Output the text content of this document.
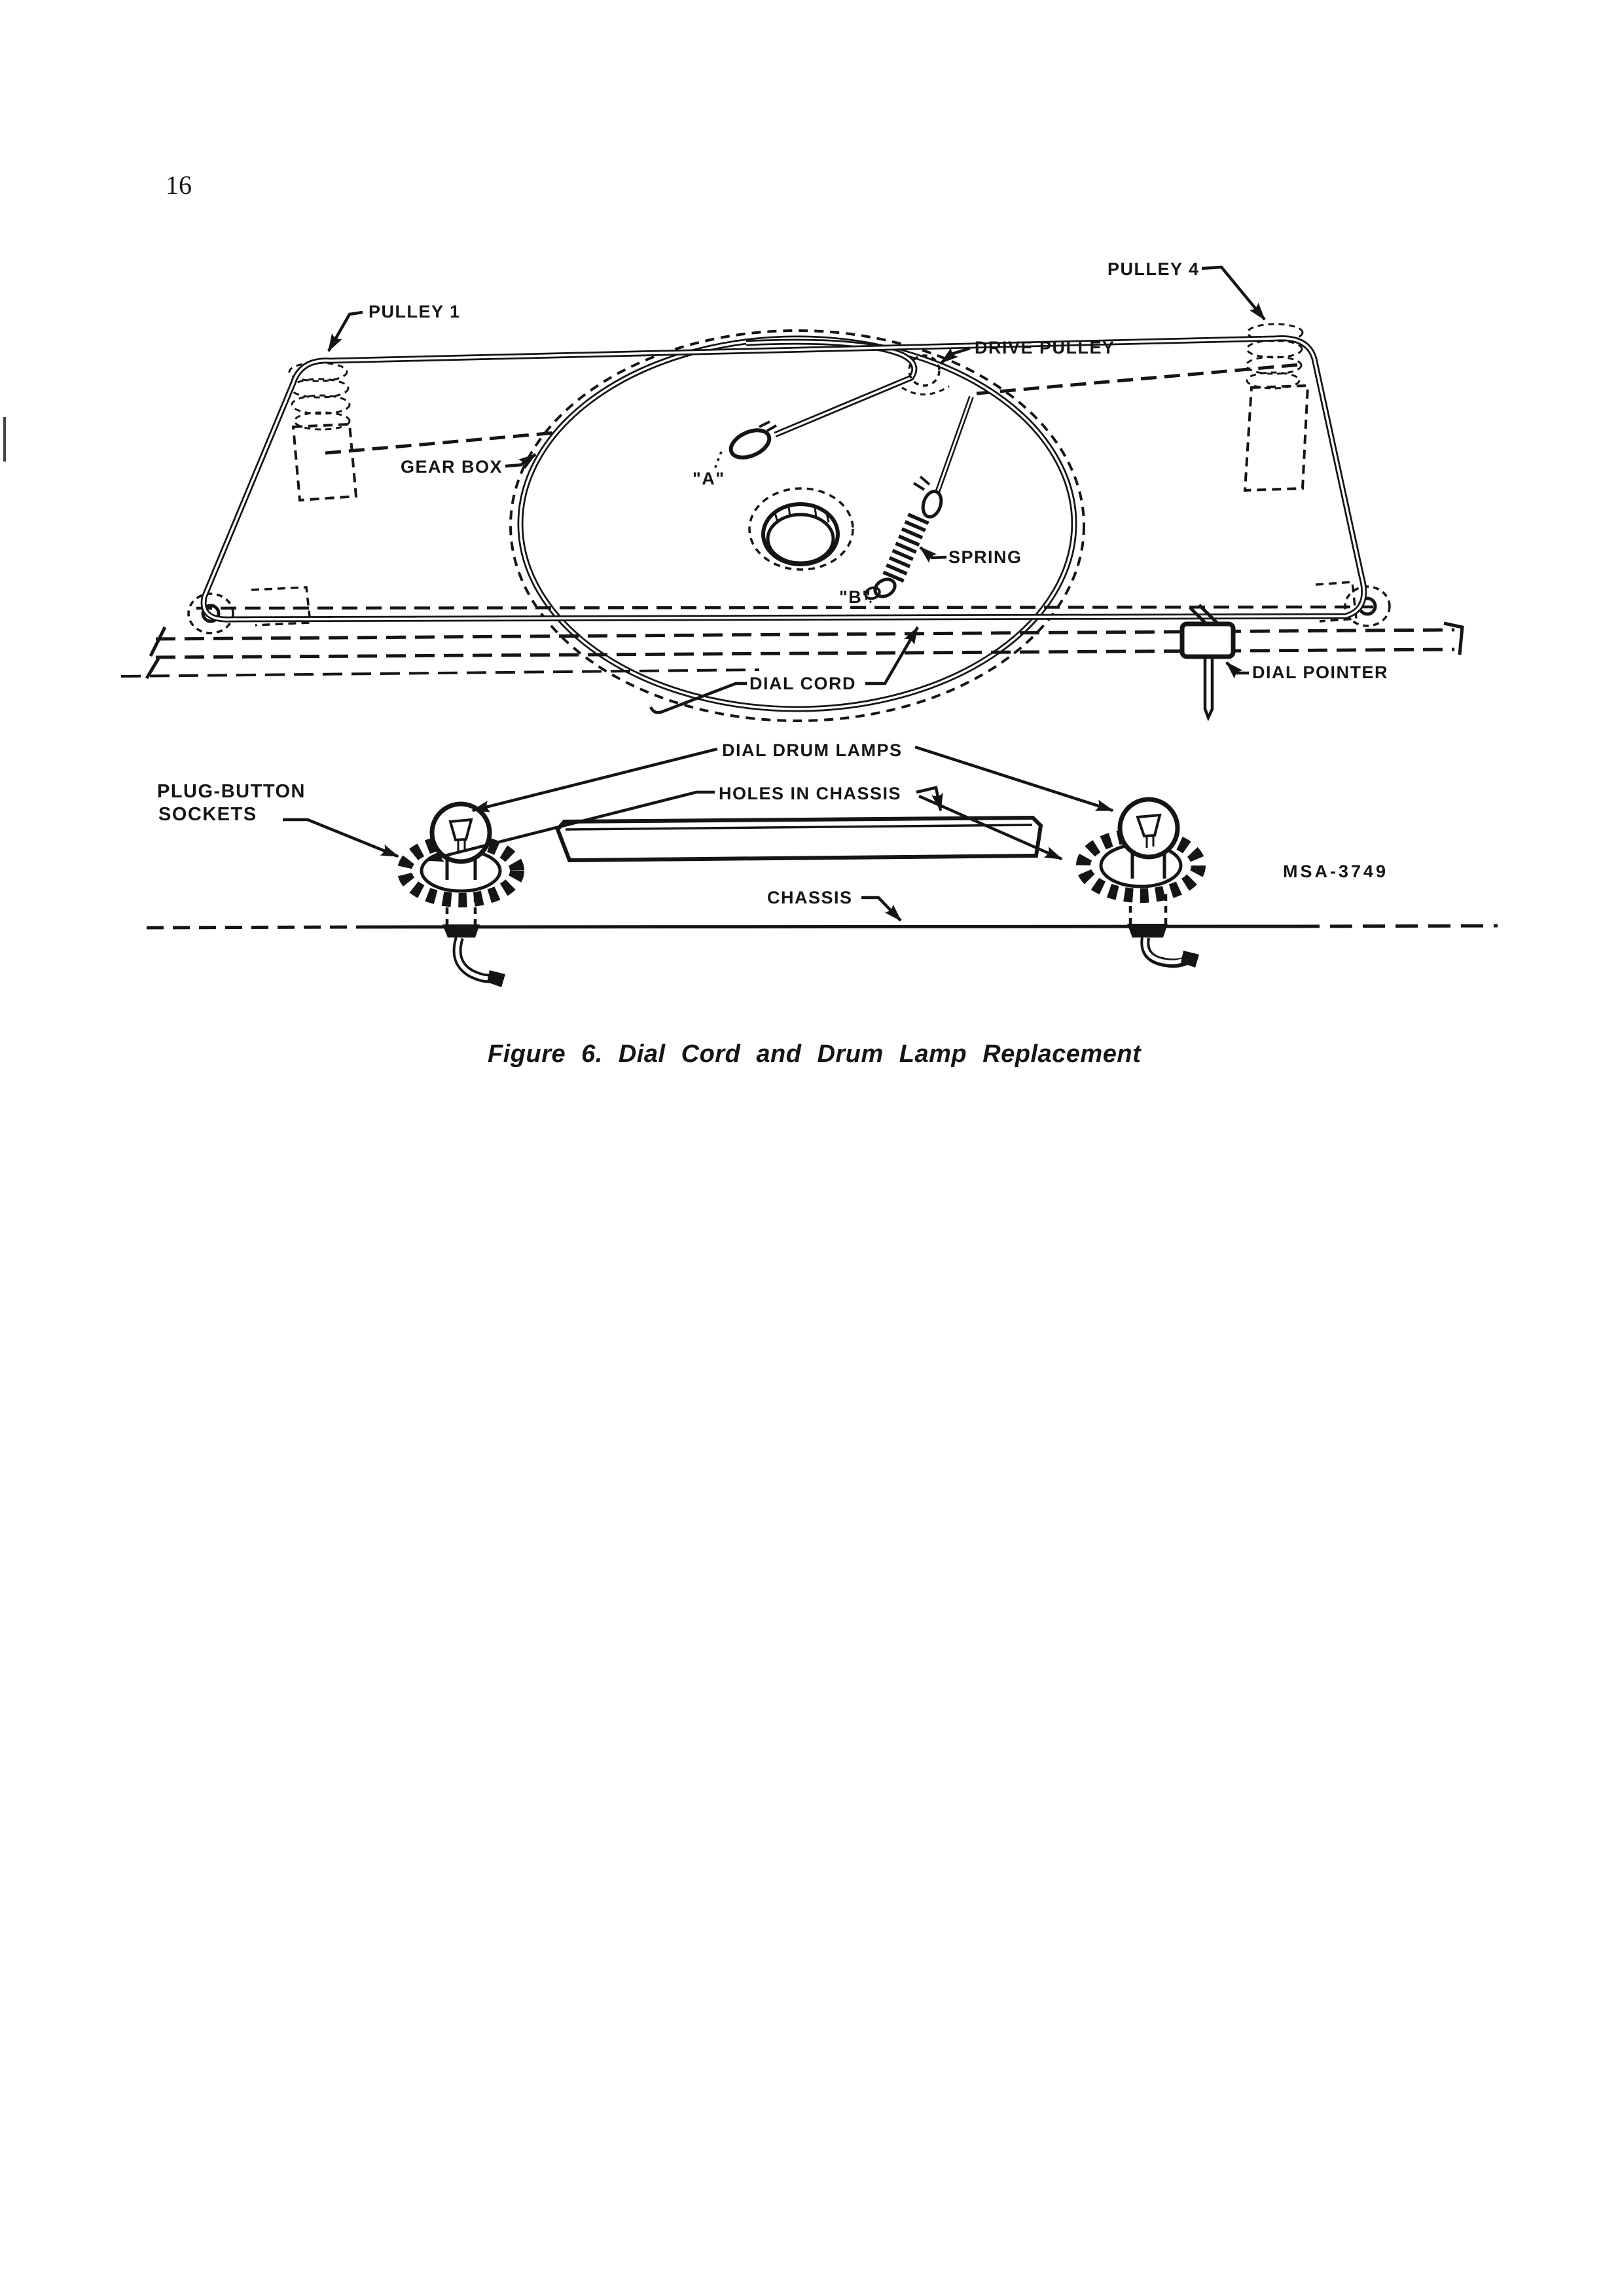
16
PULLEY 1
PULLEY 4
GEAR BOX
DRIVE PULLEY
"A"
"B"
SPRING
DIAL CORD
DIAL POINTER
DIAL DRUM LAMPS
HOLES IN CHASSIS
PLUG-BUTTON
SOCKETS
CHASSIS
MSA-3749
Figure 6. Dial Cord and Drum Lamp Replacement
